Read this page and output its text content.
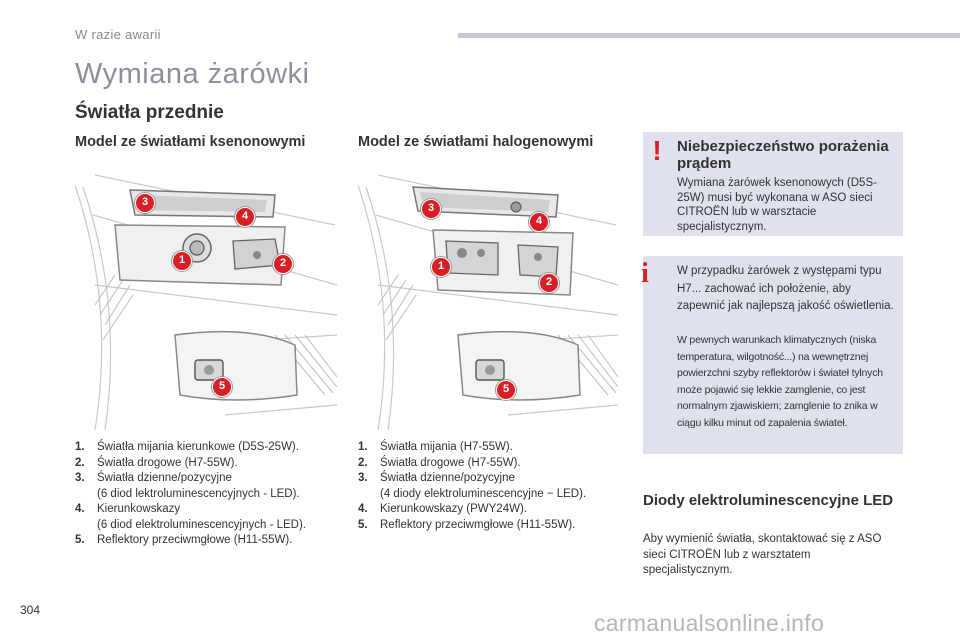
W razie awarii
Wymiana żarówki
Światła przednie
Model ze światłami ksenonowymi	Model ze światłami halogenowymi
3
4
1	2
5
3
4
1
2
5
1.	Światła mijania kierunkowe (D5S-25W).
2.	Światła drogowe (H7-55W).
3.	Światła dzienne/pozycyjne
(6 diod lektroluminescencyjnych - LED).
4.	Kierunkowskazy
(6 diod elektroluminescencyjnych - LED).
5.	Reflektory przeciwmgłowe (H11-55W).
1.	Światła mijania (H7-55W).
2.	Światła drogowe (H7-55W).
3.	Światła dzienne/pozycyjne
(4 diody elektroluminescencyjne − LED).
4.	Kierunkowskazy (PWY24W).
5.	Reflektory przeciwmgłowe (H11-55W).
!	Niebezpieczeństwo porażenia prądem
Wymiana żarówek ksenonowych (D5S-25W) musi być wykonana w ASO sieci CITROËN lub w warsztacie specjalistycznym.
i	W przypadku żarówek z występami typu H7... zachować ich położenie, aby zapewnić jak najlepszą jakość oświetlenia.
W pewnych warunkach klimatycznych (niska temperatura, wilgotność...) na wewnętrznej powierzchni szyby reflektorów i świateł tylnych może pojawić się lekkie zamglenie, co jest normalnym zjawiskiem; zamglenie to znika w ciągu kilku minut od zapalenia świateł.
Diody elektroluminescencyjne LED
Aby wymienić światła, skontaktować się z ASO sieci CITROËN lub z warsztatem specjalistycznym.
304	carmanualsonline.info
